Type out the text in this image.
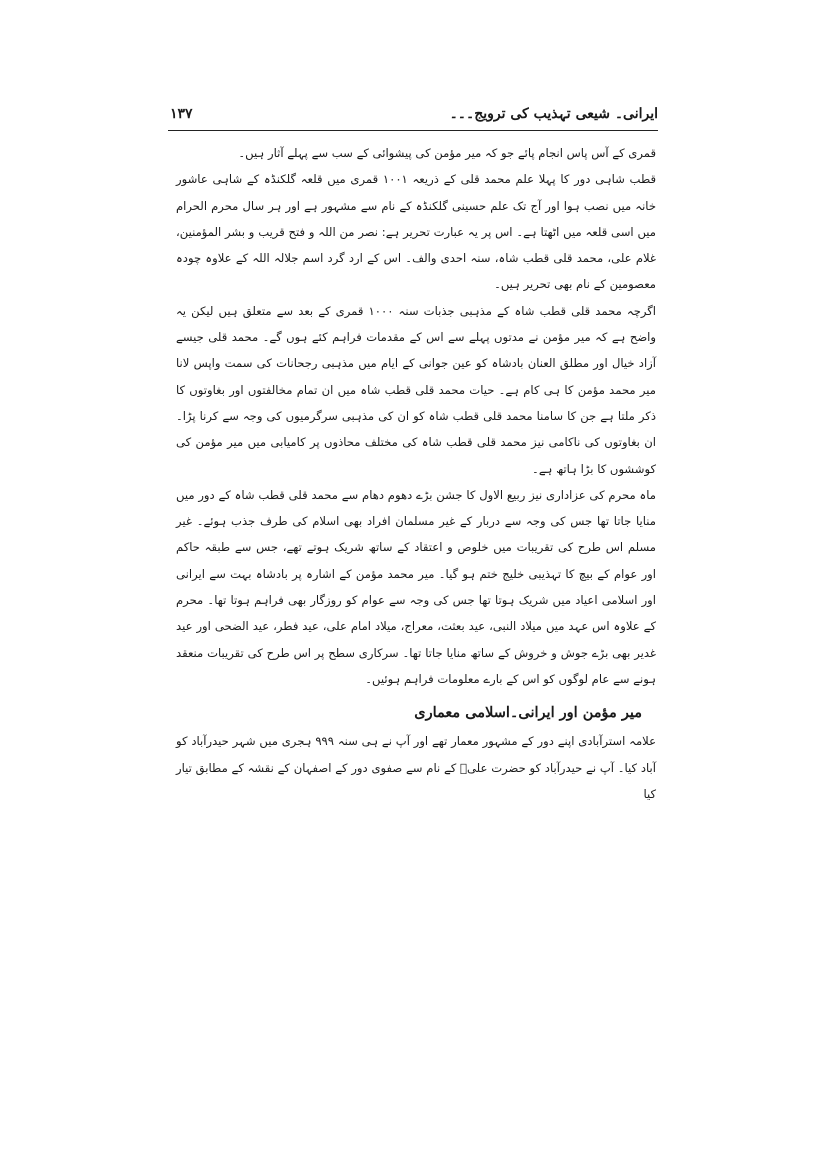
ایرانی۔ شیعی تہذیب کی ترویج۔۔۔
۱۳۷

قمری کے آس پاس انجام پائے جو کہ میر مؤمن کی پیشوائی کے سب سے پہلے آثار ہیں۔

قطب شاہی دور کا پہلا علم محمد قلی کے ذریعہ ۱۰۰۱ قمری میں قلعہ گلکنڈہ کے شاہی عاشور خانہ میں نصب ہوا اور آج تک علم حسینی گلکنڈہ کے نام سے مشہور ہے اور ہر سال محرم الحرام میں اسی قلعہ میں اٹھتا ہے۔ اس پر یہ عبارت تحریر ہے: نصر من اللہ و فتح قریب و بشر المؤمنین، غلام علی، محمد قلی قطب شاہ، سنہ احدی والف۔ اس کے ارد گرد اسم جلالہ اللہ کے علاوہ چودہ معصومین کے نام بھی تحریر ہیں۔

اگرچہ محمد قلی قطب شاہ کے مذہبی جذبات سنہ ۱۰۰۰ قمری کے بعد سے متعلق ہیں لیکن یہ واضح ہے کہ میر مؤمن نے مدتوں پہلے سے اس کے مقدمات فراہم کئے ہوں گے۔ محمد قلی جیسے آزاد خیال اور مطلق العنان بادشاہ کو عین جوانی کے ایام میں مذہبی رجحانات کی سمت واپس لانا میر محمد مؤمن کا ہی کام ہے۔ حیات محمد قلی قطب شاہ میں ان تمام مخالفتوں اور بغاوتوں کا ذکر ملتا ہے جن کا سامنا محمد قلی قطب شاہ کو ان کی مذہبی سرگرمیوں کی وجہ سے کرنا پڑا۔ ان بغاوتوں کی ناکامی نیز محمد قلی قطب شاہ کی مختلف محاذوں پر کامیابی میں میر مؤمن کی کوششوں کا بڑا ہاتھ ہے۔

ماہ محرم کی عزاداری نیز ربیع الاول کا جشن بڑے دھوم دھام سے محمد قلی قطب شاہ کے دور میں منایا جاتا تھا جس کی وجہ سے دربار کے غیر مسلمان افراد بھی اسلام کی طرف جذب ہوئے۔ غیر مسلم اس طرح کی تقریبات میں خلوص و اعتقاد کے ساتھ شریک ہوتے تھے، جس سے طبقہ حاکم اور عوام کے بیچ کا تہذیبی خلیج ختم ہو گیا۔ میر محمد مؤمن کے اشارہ پر بادشاہ بہت سے ایرانی اور اسلامی اعیاد میں شریک ہوتا تھا جس کی وجہ سے عوام کو روزگار بھی فراہم ہوتا تھا۔ محرم کے علاوہ اس عہد میں میلاد النبی، عید بعثت، معراج، میلاد امام علی، عید فطر، عید الضحی اور عید غدیر بھی بڑے جوش و خروش کے ساتھ منایا جاتا تھا۔ سرکاری سطح پر اس طرح کی تقریبات منعقد ہونے سے عام لوگوں کو اس کے بارے معلومات فراہم ہوئیں۔

میر مؤمن اور ایرانی۔اسلامی معماری

علامہ استرآبادی اپنے دور کے مشہور معمار تھے اور آپ نے ہی سنہ ۹۹۹ ہجری میں شہر حیدرآباد کو آباد کیا۔ آپ نے حیدرآباد کو حضرت علیؑ کے نام سے صفوی دور کے اصفہان کے نقشہ کے مطابق تیار کیا
